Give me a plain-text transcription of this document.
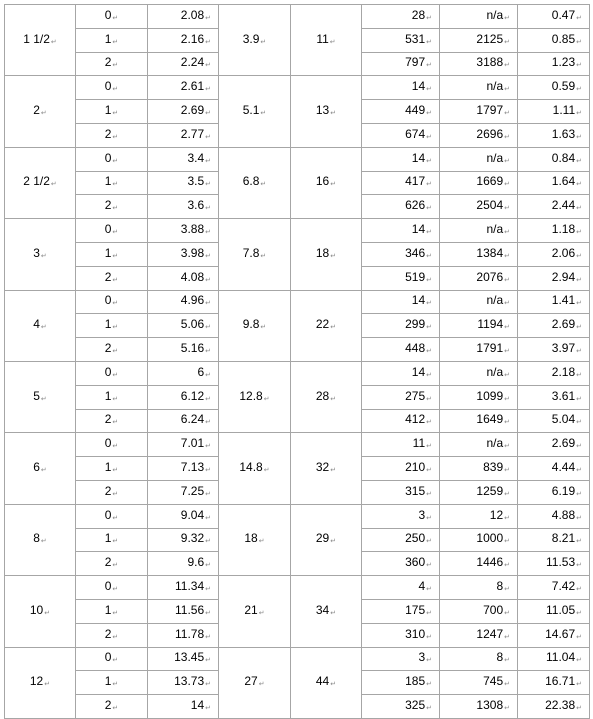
1 1/2↵	0↵	2.08↵	3.9↵	11↵	28↵	n/a↵	0.47↵
	1↵	2.16↵			531↵	2125↵	0.85↵
	2↵	2.24↵			797↵	3188↵	1.23↵
2↵	0↵	2.61↵	5.1↵	13↵	14↵	n/a↵	0.59↵
	1↵	2.69↵			449↵	1797↵	1.11↵
	2↵	2.77↵			674↵	2696↵	1.63↵
2 1/2↵	0↵	3.4↵	6.8↵	16↵	14↵	n/a↵	0.84↵
	1↵	3.5↵			417↵	1669↵	1.64↵
	2↵	3.6↵			626↵	2504↵	2.44↵
3↵	0↵	3.88↵	7.8↵	18↵	14↵	n/a↵	1.18↵
	1↵	3.98↵			346↵	1384↵	2.06↵
	2↵	4.08↵			519↵	2076↵	2.94↵
4↵	0↵	4.96↵	9.8↵	22↵	14↵	n/a↵	1.41↵
	1↵	5.06↵			299↵	1194↵	2.69↵
	2↵	5.16↵			448↵	1791↵	3.97↵
5↵	0↵	6↵	12.8↵	28↵	14↵	n/a↵	2.18↵
	1↵	6.12↵			275↵	1099↵	3.61↵
	2↵	6.24↵			412↵	1649↵	5.04↵
6↵	0↵	7.01↵	14.8↵	32↵	11↵	n/a↵	2.69↵
	1↵	7.13↵			210↵	839↵	4.44↵
	2↵	7.25↵			315↵	1259↵	6.19↵
8↵	0↵	9.04↵	18↵	29↵	3↵	12↵	4.88↵
	1↵	9.32↵			250↵	1000↵	8.21↵
	2↵	9.6↵			360↵	1446↵	11.53↵
10↵	0↵	11.34↵	21↵	34↵	4↵	8↵	7.42↵
	1↵	11.56↵			175↵	700↵	11.05↵
	2↵	11.78↵			310↵	1247↵	14.67↵
12↵	0↵	13.45↵	27↵	44↵	3↵	8↵	11.04↵
	1↵	13.73↵			185↵	745↵	16.71↵
	2↵	14↵			325↵	1308↵	22.38↵
